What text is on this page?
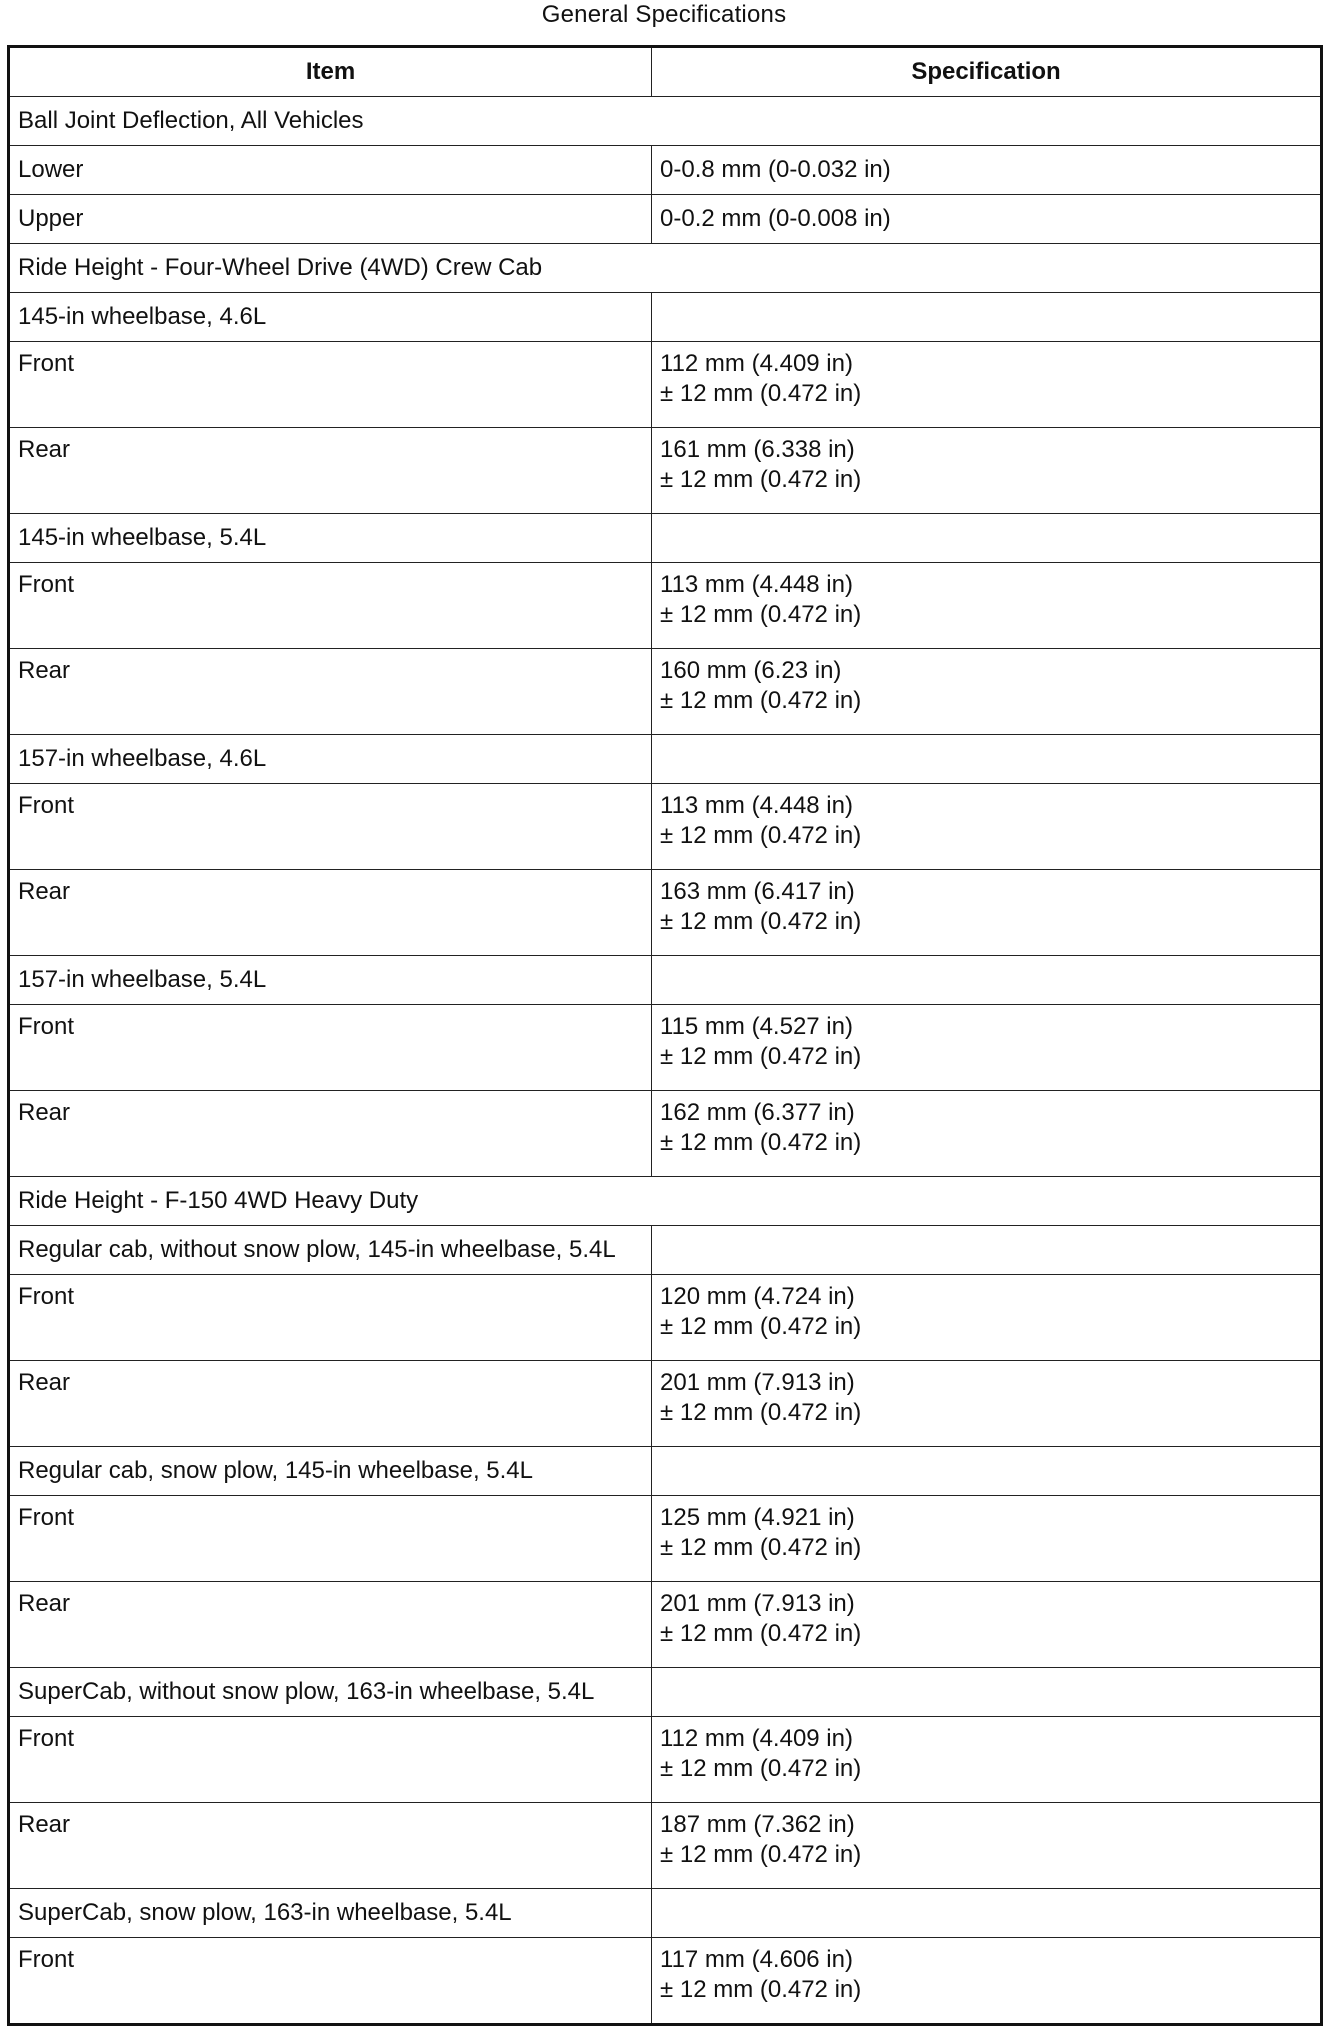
General Specifications
Item	Specification
Ball Joint Deflection, All Vehicles	
Lower	0-0.8 mm (0-0.032 in)
Upper	0-0.2 mm (0-0.008 in)
Ride Height - Four-Wheel Drive (4WD) Crew Cab	
145-in wheelbase, 4.6L	
Front	112 mm (4.409 in)
± 12 mm (0.472 in)

Rear	161 mm (6.338 in)
± 12 mm (0.472 in)

145-in wheelbase, 5.4L	
Front	113 mm (4.448 in)
± 12 mm (0.472 in)

Rear	160 mm (6.23 in)
± 12 mm (0.472 in)

157-in wheelbase, 4.6L	
Front	113 mm (4.448 in)
± 12 mm (0.472 in)

Rear	163 mm (6.417 in)
± 12 mm (0.472 in)

157-in wheelbase, 5.4L	
Front	115 mm (4.527 in)
± 12 mm (0.472 in)

Rear	162 mm (6.377 in)
± 12 mm (0.472 in)

Ride Height - F-150 4WD Heavy Duty	
Regular cab, without snow plow, 145-in wheelbase, 5.4L	
Front	120 mm (4.724 in)
± 12 mm (0.472 in)

Rear	201 mm (7.913 in)
± 12 mm (0.472 in)

Regular cab, snow plow, 145-in wheelbase, 5.4L	
Front	125 mm (4.921 in)
± 12 mm (0.472 in)

Rear	201 mm (7.913 in)
± 12 mm (0.472 in)

SuperCab, without snow plow, 163-in wheelbase, 5.4L	
Front	112 mm (4.409 in)
± 12 mm (0.472 in)

Rear	187 mm (7.362 in)
± 12 mm (0.472 in)

SuperCab, snow plow, 163-in wheelbase, 5.4L	
Front	117 mm (4.606 in)
± 12 mm (0.472 in)
